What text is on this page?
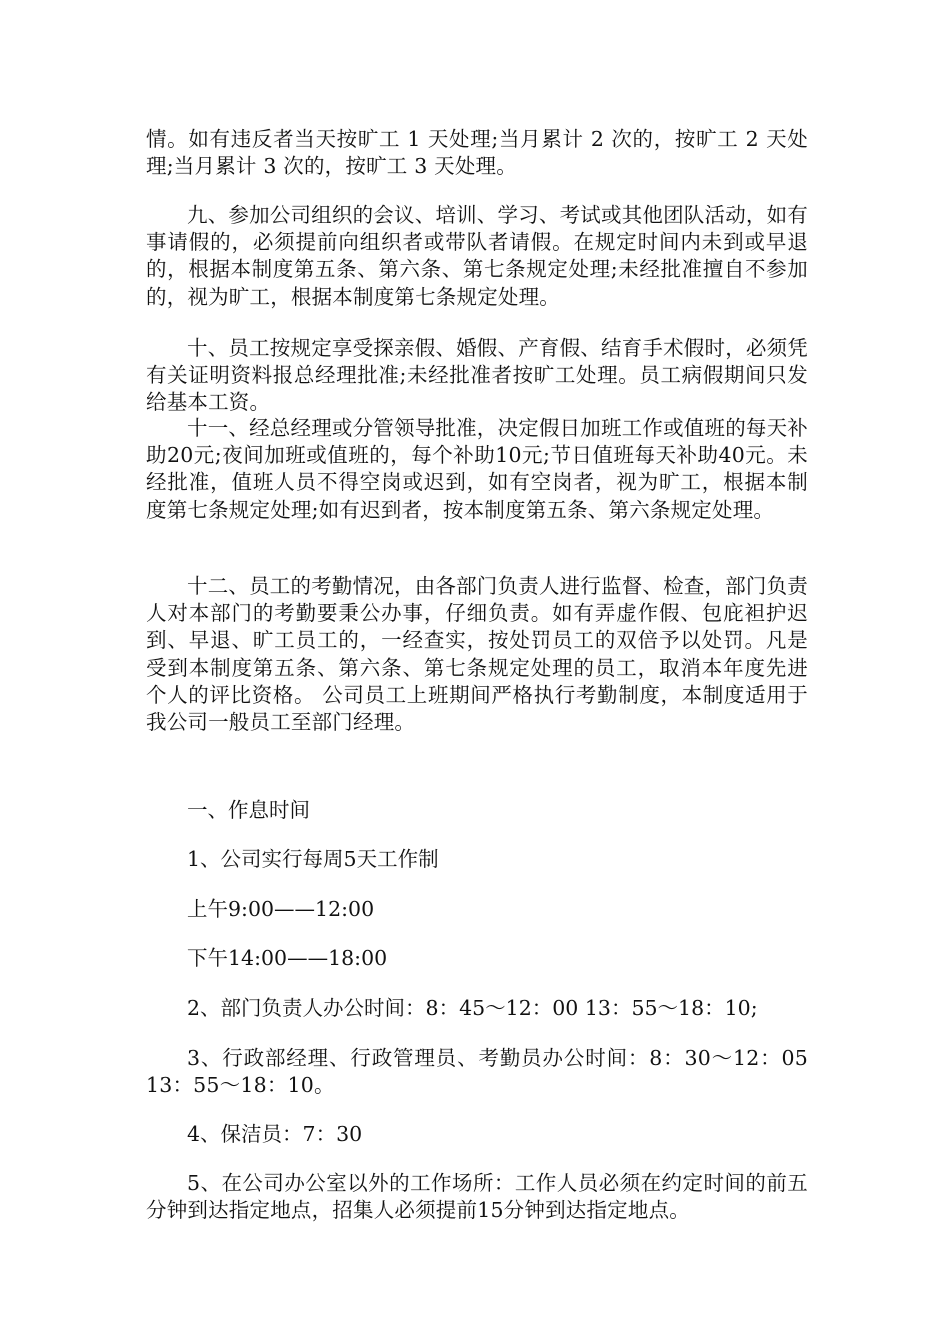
情。如有违反者当天按旷工 1 天处理;当月累计 2 次的，按旷工 2 天处理;当月累计 3 次的，按旷工 3 天处理。

九、参加公司组织的会议、培训、学习、考试或其他团队活动，如有事请假的，必须提前向组织者或带队者请假。在规定时间内未到或早退的，根据本制度第五条、第六条、第七条规定处理;未经批准擅自不参加的，视为旷工，根据本制度第七条规定处理。

十、员工按规定享受探亲假、婚假、产育假、结育手术假时，必须凭有关证明资料报总经理批准;未经批准者按旷工处理。员工病假期间只发给基本工资。

十一、经总经理或分管领导批准，决定假日加班工作或值班的每天补助20元;夜间加班或值班的，每个补助10元;节日值班每天补助40元。未经批准，值班人员不得空岗或迟到，如有空岗者，视为旷工，根据本制度第七条规定处理;如有迟到者，按本制度第五条、第六条规定处理。

十二、员工的考勤情况，由各部门负责人进行监督、检查，部门负责人对本部门的考勤要秉公办事，仔细负责。如有弄虚作假、包庇袒护迟到、早退、旷工员工的，一经查实，按处罚员工的双倍予以处罚。凡是受到本制度第五条、第六条、第七条规定处理的员工，取消本年度先进个人的评比资格。 公司员工上班期间严格执行考勤制度，本制度适用于我公司一般员工至部门经理。

一、作息时间

1、公司实行每周5天工作制

上午9:00——12:00

下午14:00——18:00

2、部门负责人办公时间：8：45～12：00 13：55～18：10;

3、行政部经理、行政管理员、考勤员办公时间：8：30～12：05 13：55～18：10。

4、保洁员：7：30

5、在公司办公室以外的工作场所：工作人员必须在约定时间的前五分钟到达指定地点，招集人必须提前15分钟到达指定地点。
